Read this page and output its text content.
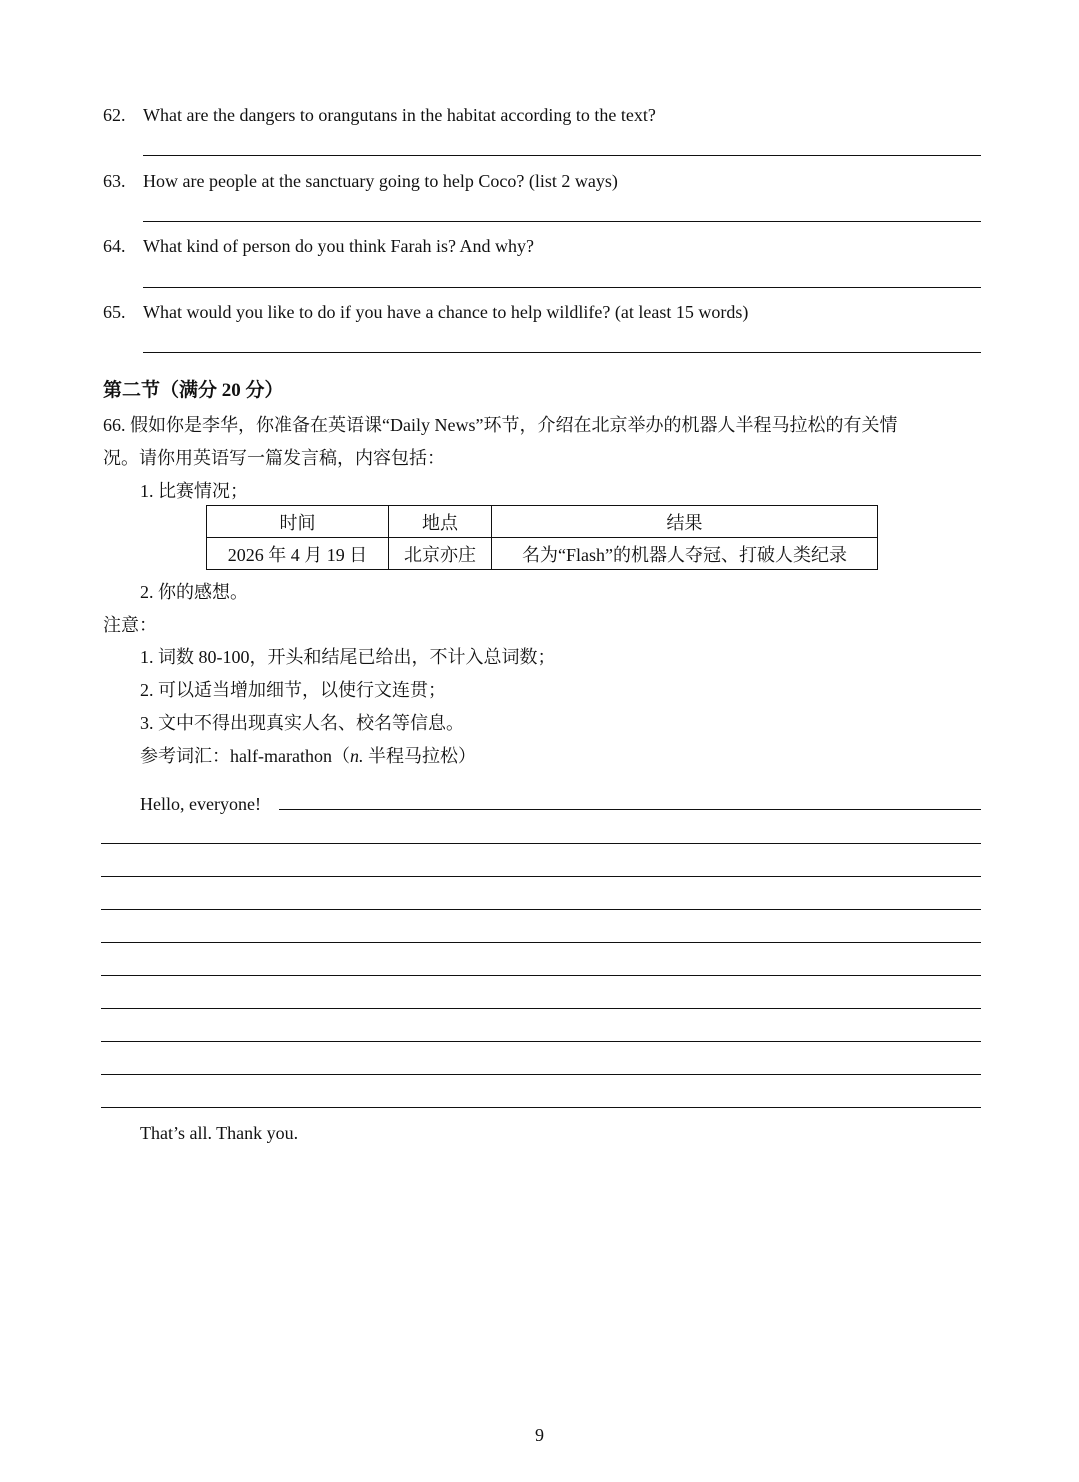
62. What are the dangers to orangutans in the habitat according to the text?
63. How are people at the sanctuary going to help Coco? (list 2 ways)
64. What kind of person do you think Farah is? And why?
65. What would you like to do if you have a chance to help wildlife? (at least 15 words)
第二节（满分 20 分）
66. 假如你是李华，你准备在英语课“Daily News”环节，介绍在北京举办的机器人半程马拉松的有关情
况。请你用英语写一篇发言稿，内容包括：
1. 比赛情况；
时间	地点	结果
2026 年 4 月 19 日	北京亦庄	名为“Flash”的机器人夺冠、打破人类纪录
2. 你的感想。
注意：
1. 词数 80-100，开头和结尾已给出，不计入总词数；
2. 可以适当增加细节，以使行文连贯；
3. 文中不得出现真实人名、校名等信息。
参考词汇：half-marathon（n. 半程马拉松）
Hello, everyone!
That’s all. Thank you.
9
